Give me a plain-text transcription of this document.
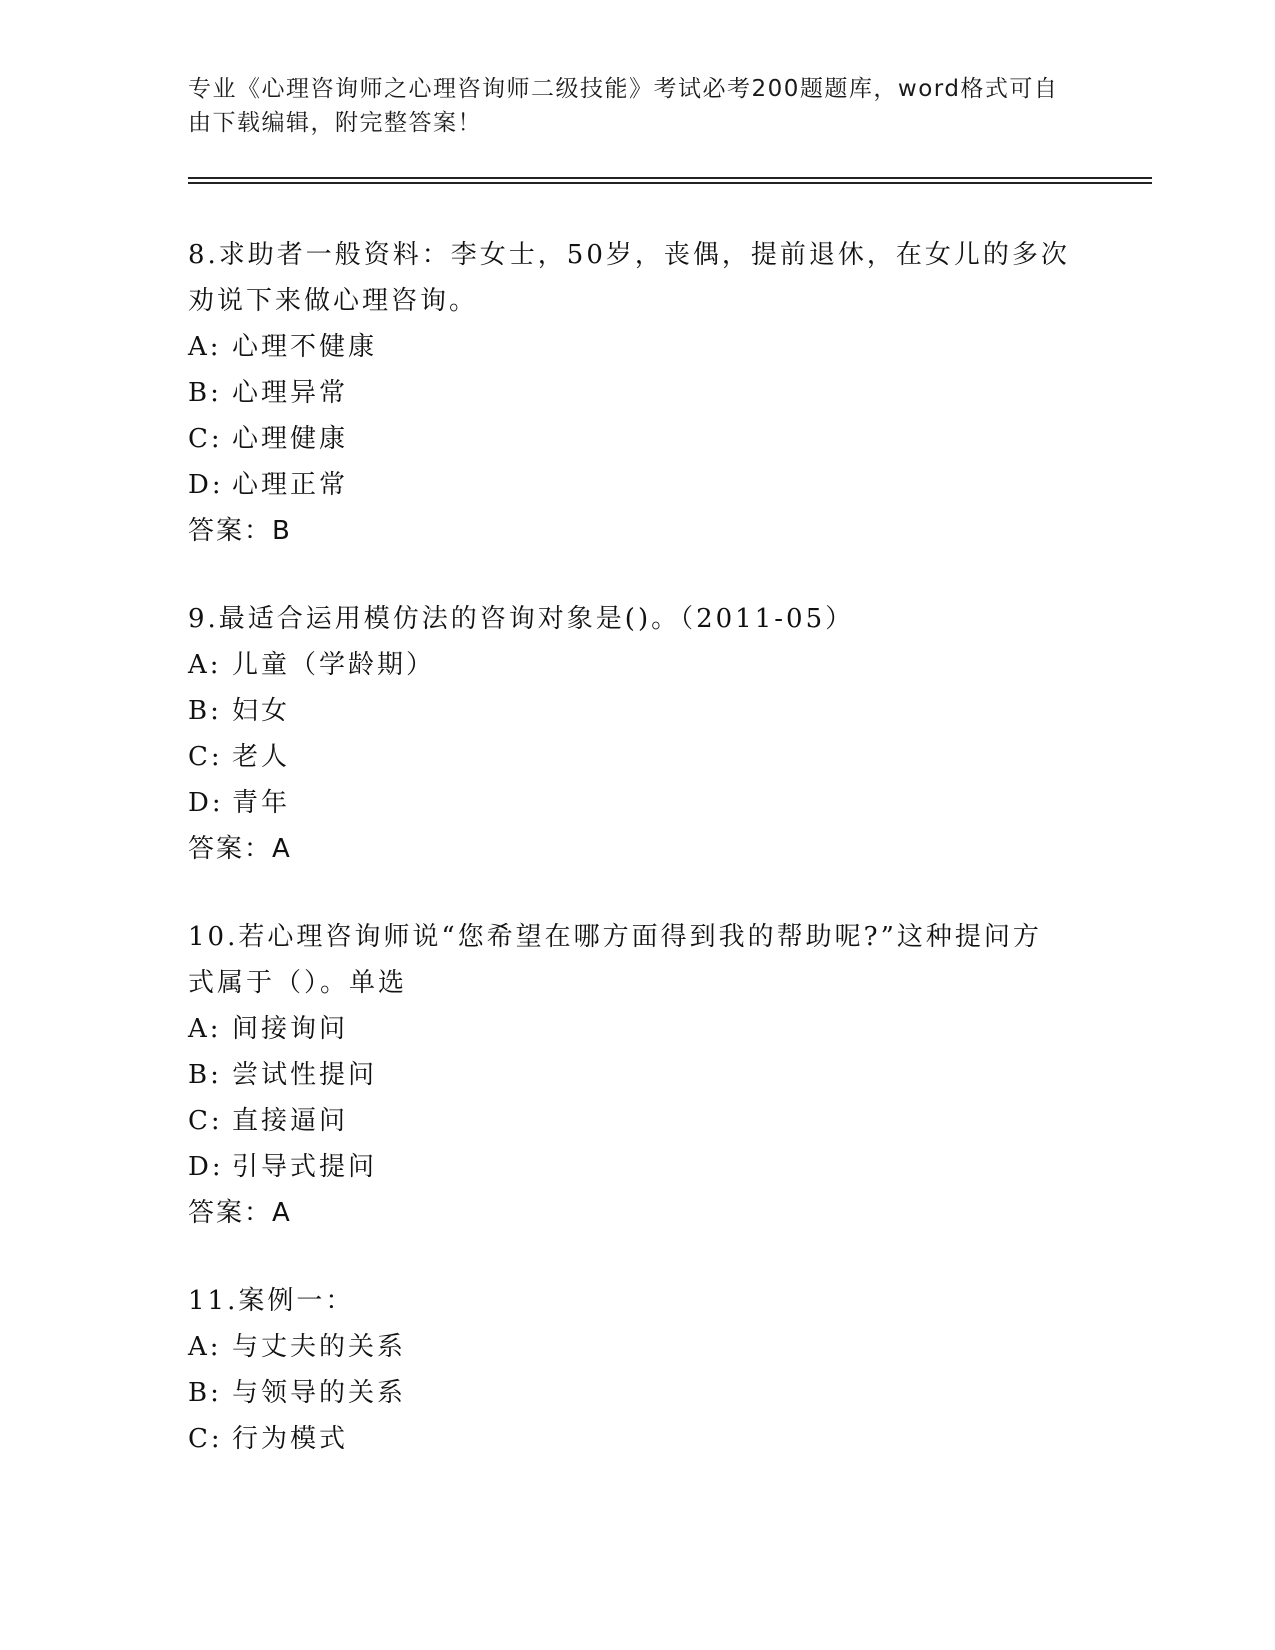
专业《心理咨询师之心理咨询师二级技能》考试必考200题题库，word格式可自
由下载编辑，附完整答案！

8.求助者一般资料：李女士，50岁，丧偶，提前退休，在女儿的多次

劝说下来做心理咨询。

A: 心理不健康

B: 心理异常

C: 心理健康

D: 心理正常

答案：B

9.最适合运用模仿法的咨询对象是()。（2011-05）

A: 儿童（学龄期）

B: 妇女

C: 老人

D: 青年

答案：A

10.若心理咨询师说“您希望在哪方面得到我的帮助呢?”这种提问方

式属于（）。单选

A: 间接询问

B: 尝试性提问

C: 直接逼问

D: 引导式提问

答案：A

11.案例一：

A: 与丈夫的关系

B: 与领导的关系

C: 行为模式
